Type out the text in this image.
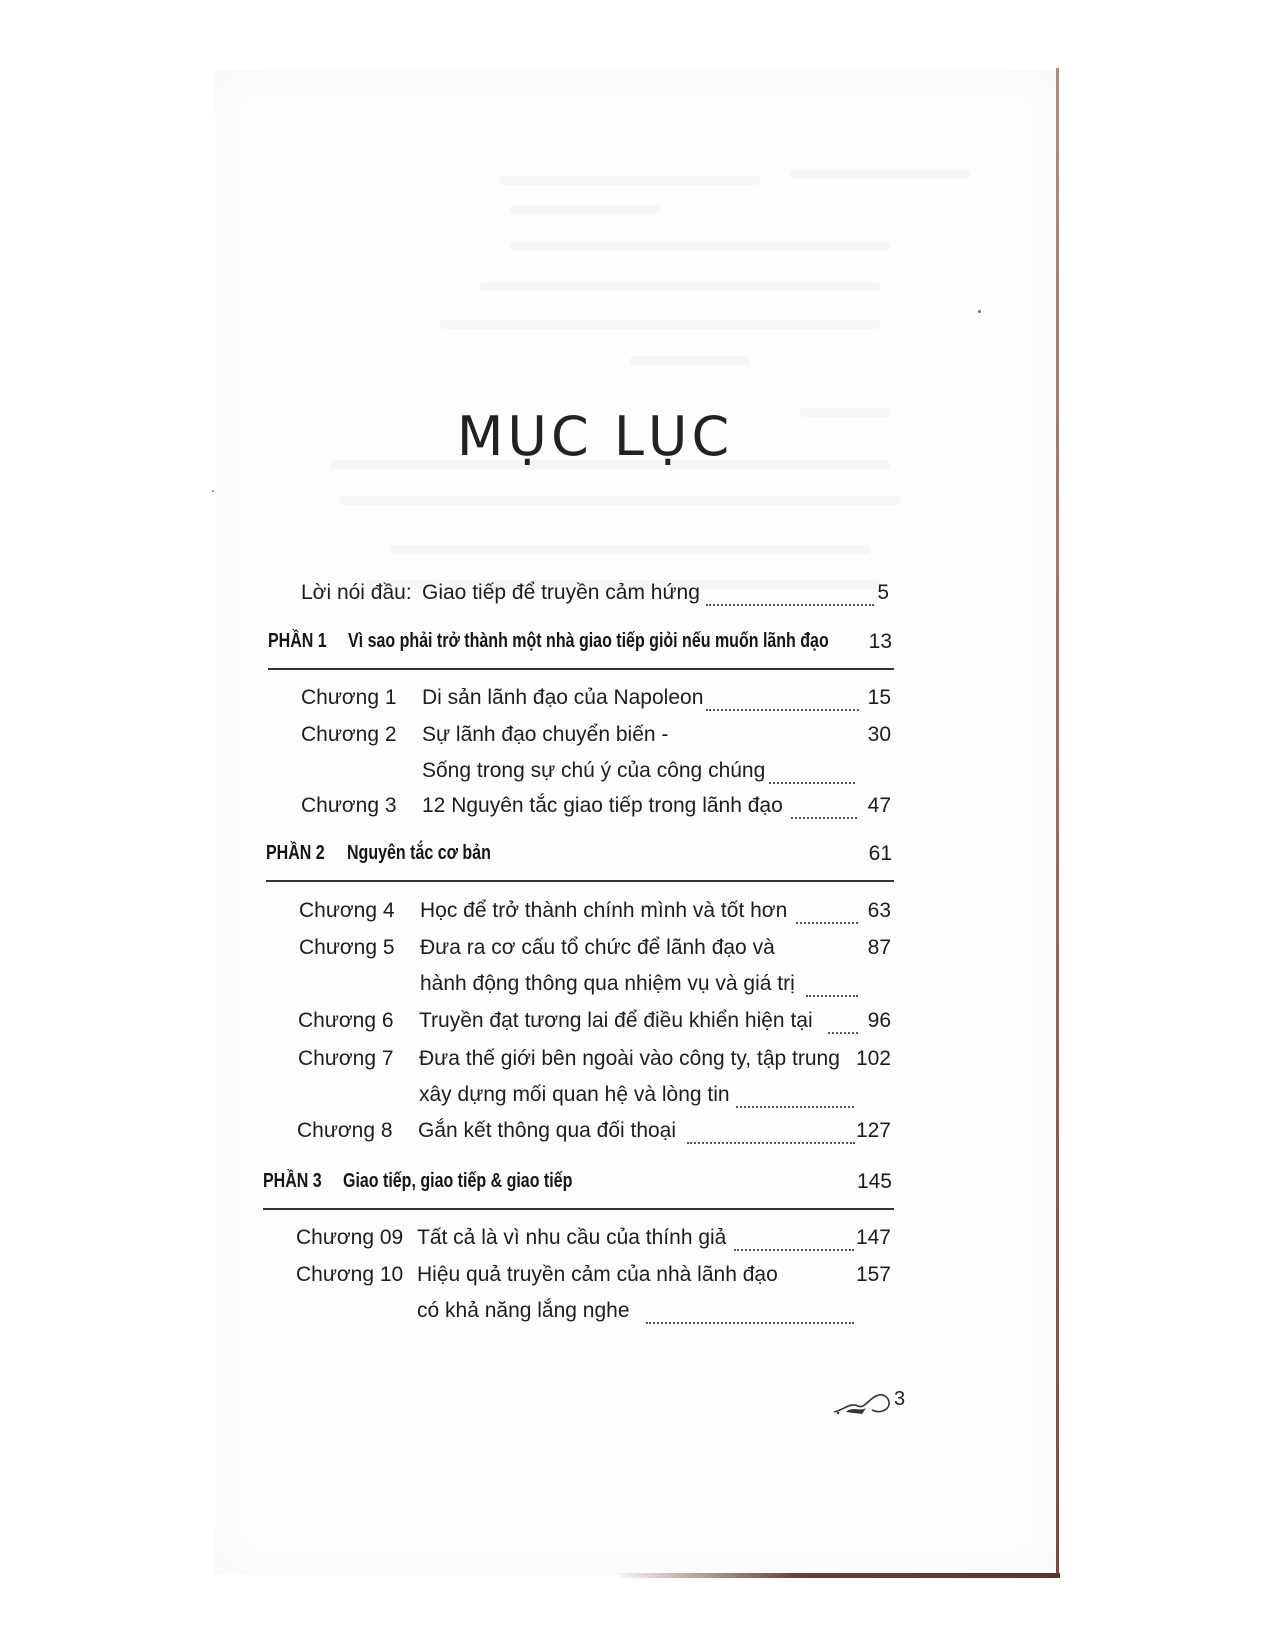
MỤC LỤC
Lời nói đầu: Giao tiếp để truyền cảm hứng	5
PHẦN 1 Vì sao phải trở thành một nhà giao tiếp giỏi nếu muốn lãnh đạo 13
Chương 1 Di sản lãnh đạo của Napoleon	15
Chương 2 Sự lãnh đạo chuyển biến -
Sống trong sự chú ý của công chúng
30
Chương 3 12 Nguyên tắc giao tiếp trong lãnh đạo	47
PHẦN 2 Nguyên tắc cơ bản	61
Chương 4 Học để trở thành chính mình và tốt hơn	63
Chương 5 Đưa ra cơ cấu tổ chức để lãnh đạo và
hành động thông qua nhiệm vụ và giá trị
87
Chương 6 Truyền đạt tương lai để điều khiển hiện tại	96
Chương 7 Đưa thế giới bên ngoài vào công ty, tập trung
xây dựng mối quan hệ và lòng tin
102
Chương 8 Gắn kết thông qua đối thoại	127
PHẦN 3 Giao tiếp, giao tiếp & giao tiếp	145
Chương 09 Tất cả là vì nhu cầu của thính giả	147
Chương 10 Hiệu quả truyền cảm của nhà lãnh đạo
có khả năng lắng nghe
157
3
